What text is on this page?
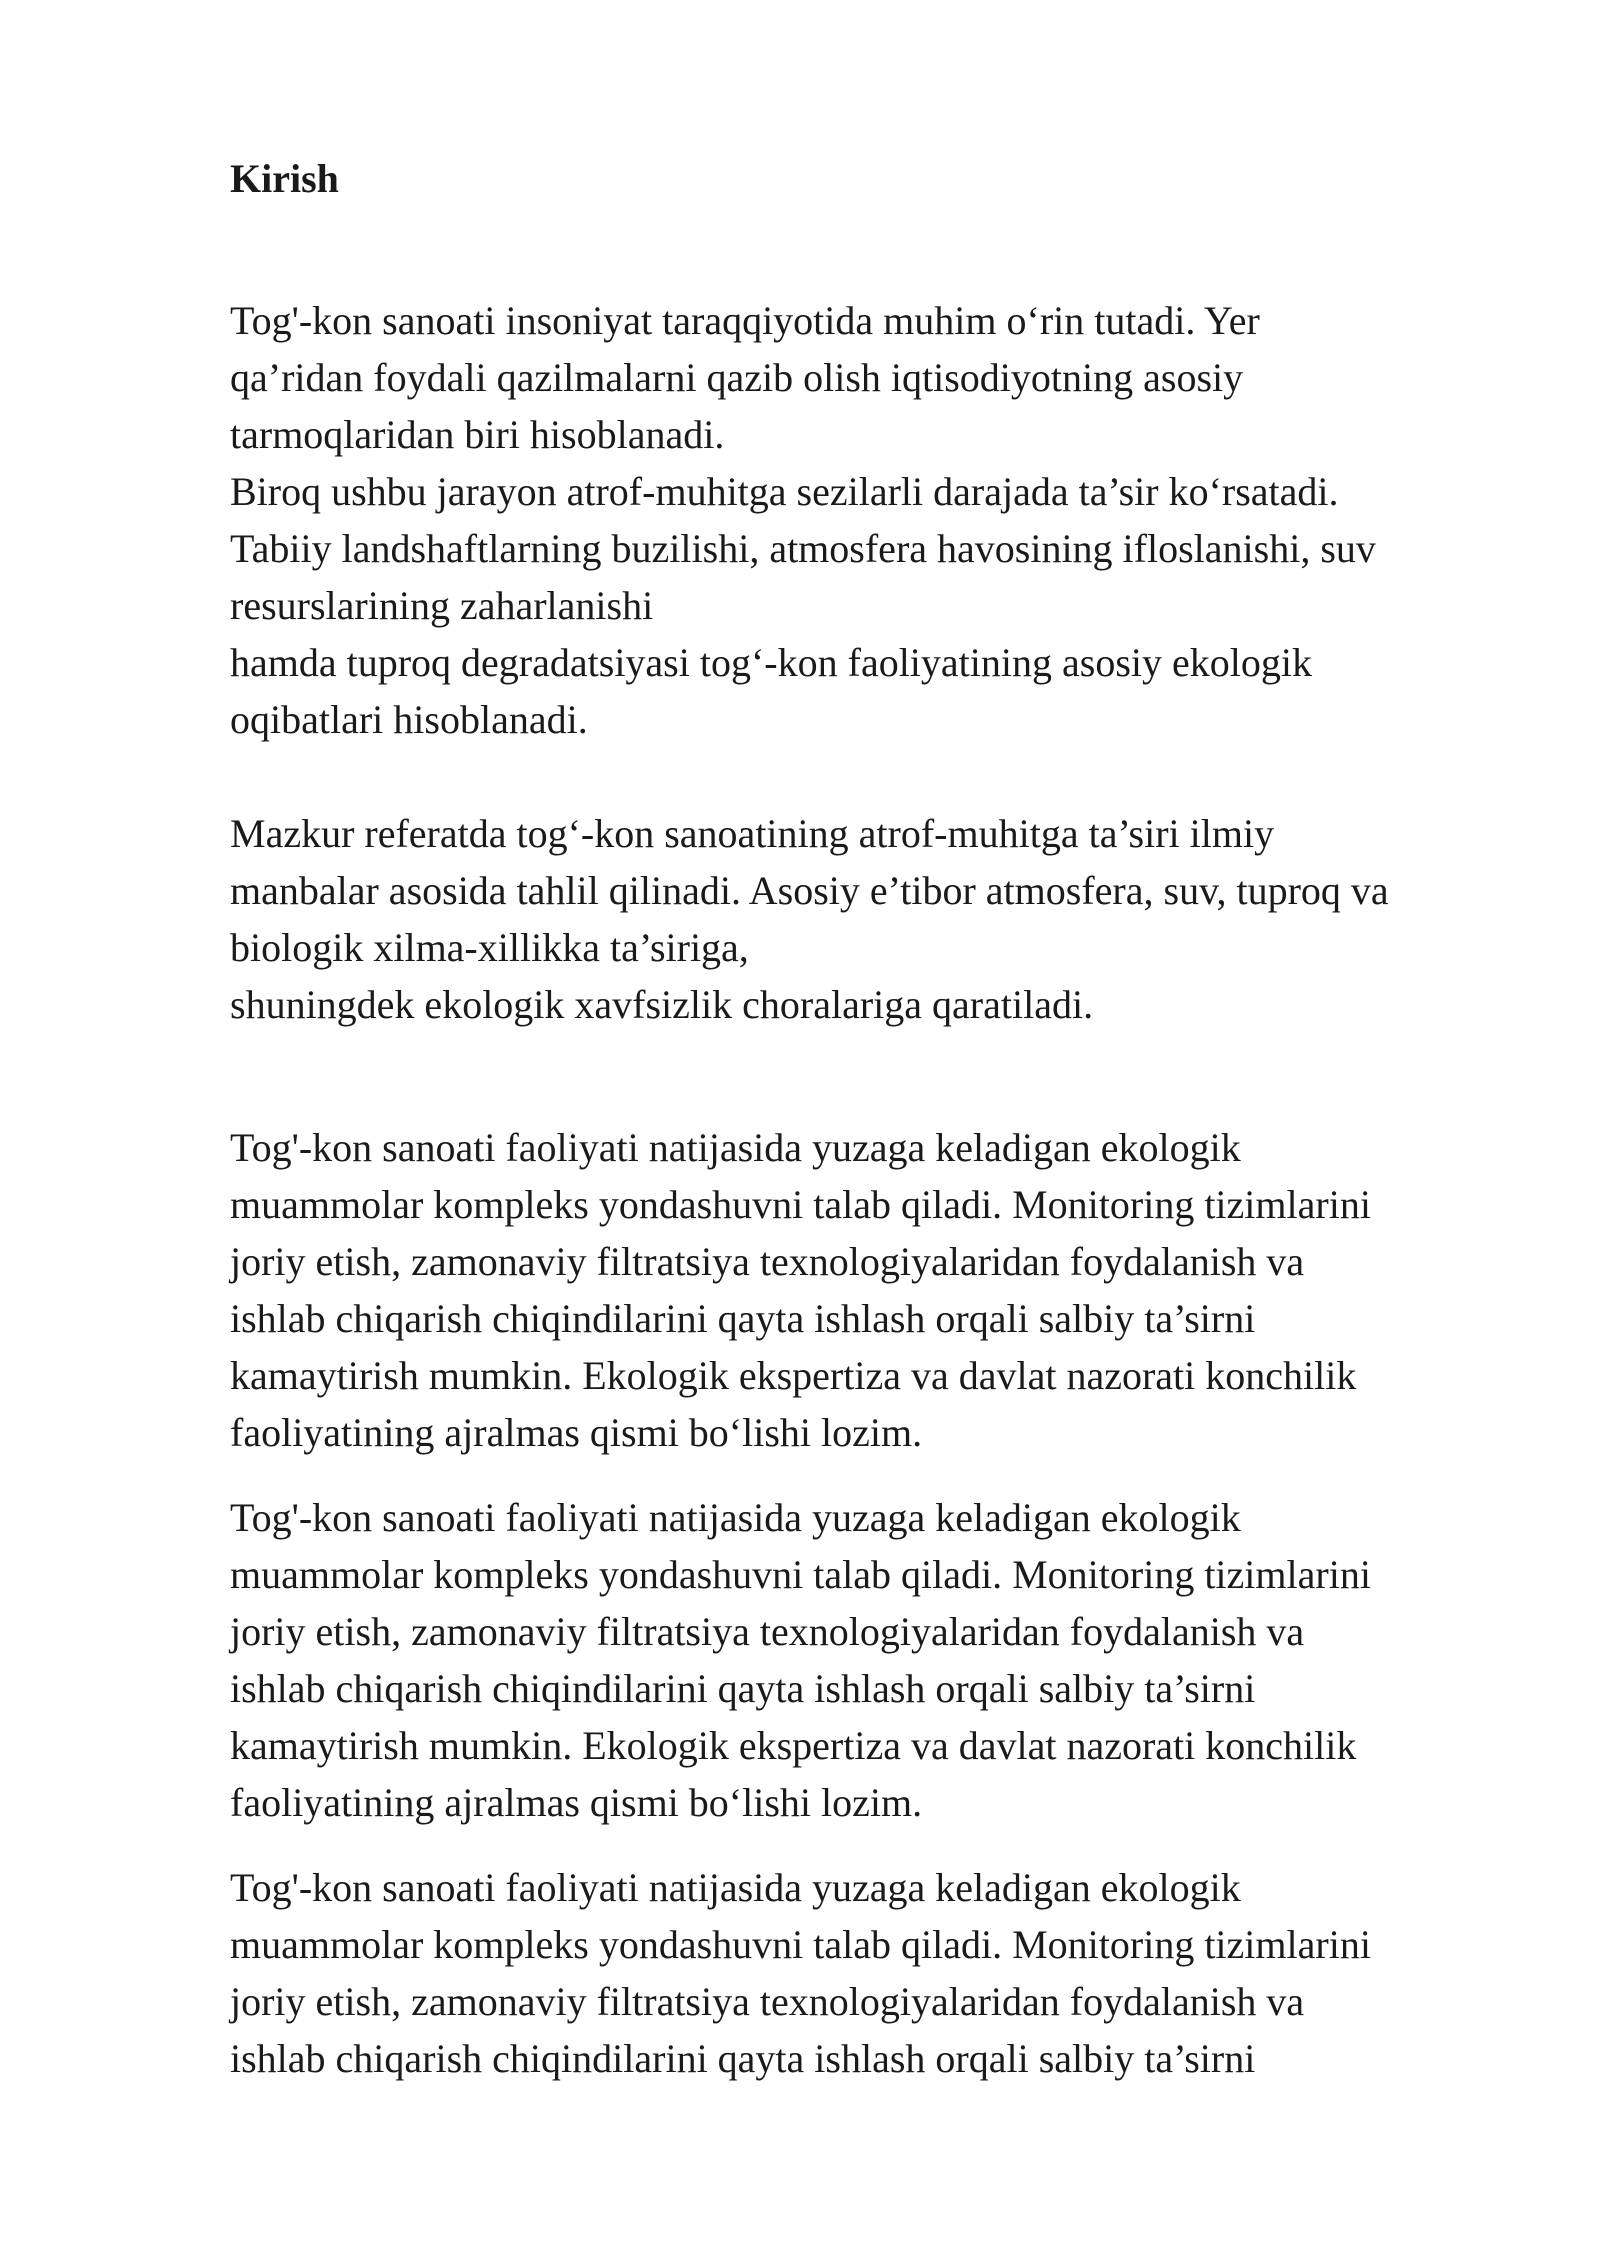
Kirish
Tog'-kon sanoati insoniyat taraqqiyotida muhim o‘rin tutadi. Yer
qa’ridan foydali qazilmalarni qazib olish iqtisodiyotning asosiy
tarmoqlaridan biri hisoblanadi.
Biroq ushbu jarayon atrof-muhitga sezilarli darajada ta’sir ko‘rsatadi.
Tabiiy landshaftlarning buzilishi, atmosfera havosining ifloslanishi, suv
resurslarining zaharlanishi
hamda tuproq degradatsiyasi tog‘-kon faoliyatining asosiy ekologik
oqibatlari hisoblanadi.
Mazkur referatda tog‘-kon sanoatining atrof-muhitga ta’siri ilmiy
manbalar asosida tahlil qilinadi. Asosiy e’tibor atmosfera, suv, tuproq va
biologik xilma-xillikka ta’siriga,
shuningdek ekologik xavfsizlik choralariga qaratiladi.
Tog'-kon sanoati faoliyati natijasida yuzaga keladigan ekologik
muammolar kompleks yondashuvni talab qiladi. Monitoring tizimlarini
joriy etish, zamonaviy filtratsiya texnologiyalaridan foydalanish va
ishlab chiqarish chiqindilarini qayta ishlash orqali salbiy ta’sirni
kamaytirish mumkin. Ekologik ekspertiza va davlat nazorati konchilik
faoliyatining ajralmas qismi bo‘lishi lozim.
Tog'-kon sanoati faoliyati natijasida yuzaga keladigan ekologik
muammolar kompleks yondashuvni talab qiladi. Monitoring tizimlarini
joriy etish, zamonaviy filtratsiya texnologiyalaridan foydalanish va
ishlab chiqarish chiqindilarini qayta ishlash orqali salbiy ta’sirni
kamaytirish mumkin. Ekologik ekspertiza va davlat nazorati konchilik
faoliyatining ajralmas qismi bo‘lishi lozim.
Tog'-kon sanoati faoliyati natijasida yuzaga keladigan ekologik
muammolar kompleks yondashuvni talab qiladi. Monitoring tizimlarini
joriy etish, zamonaviy filtratsiya texnologiyalaridan foydalanish va
ishlab chiqarish chiqindilarini qayta ishlash orqali salbiy ta’sirni
